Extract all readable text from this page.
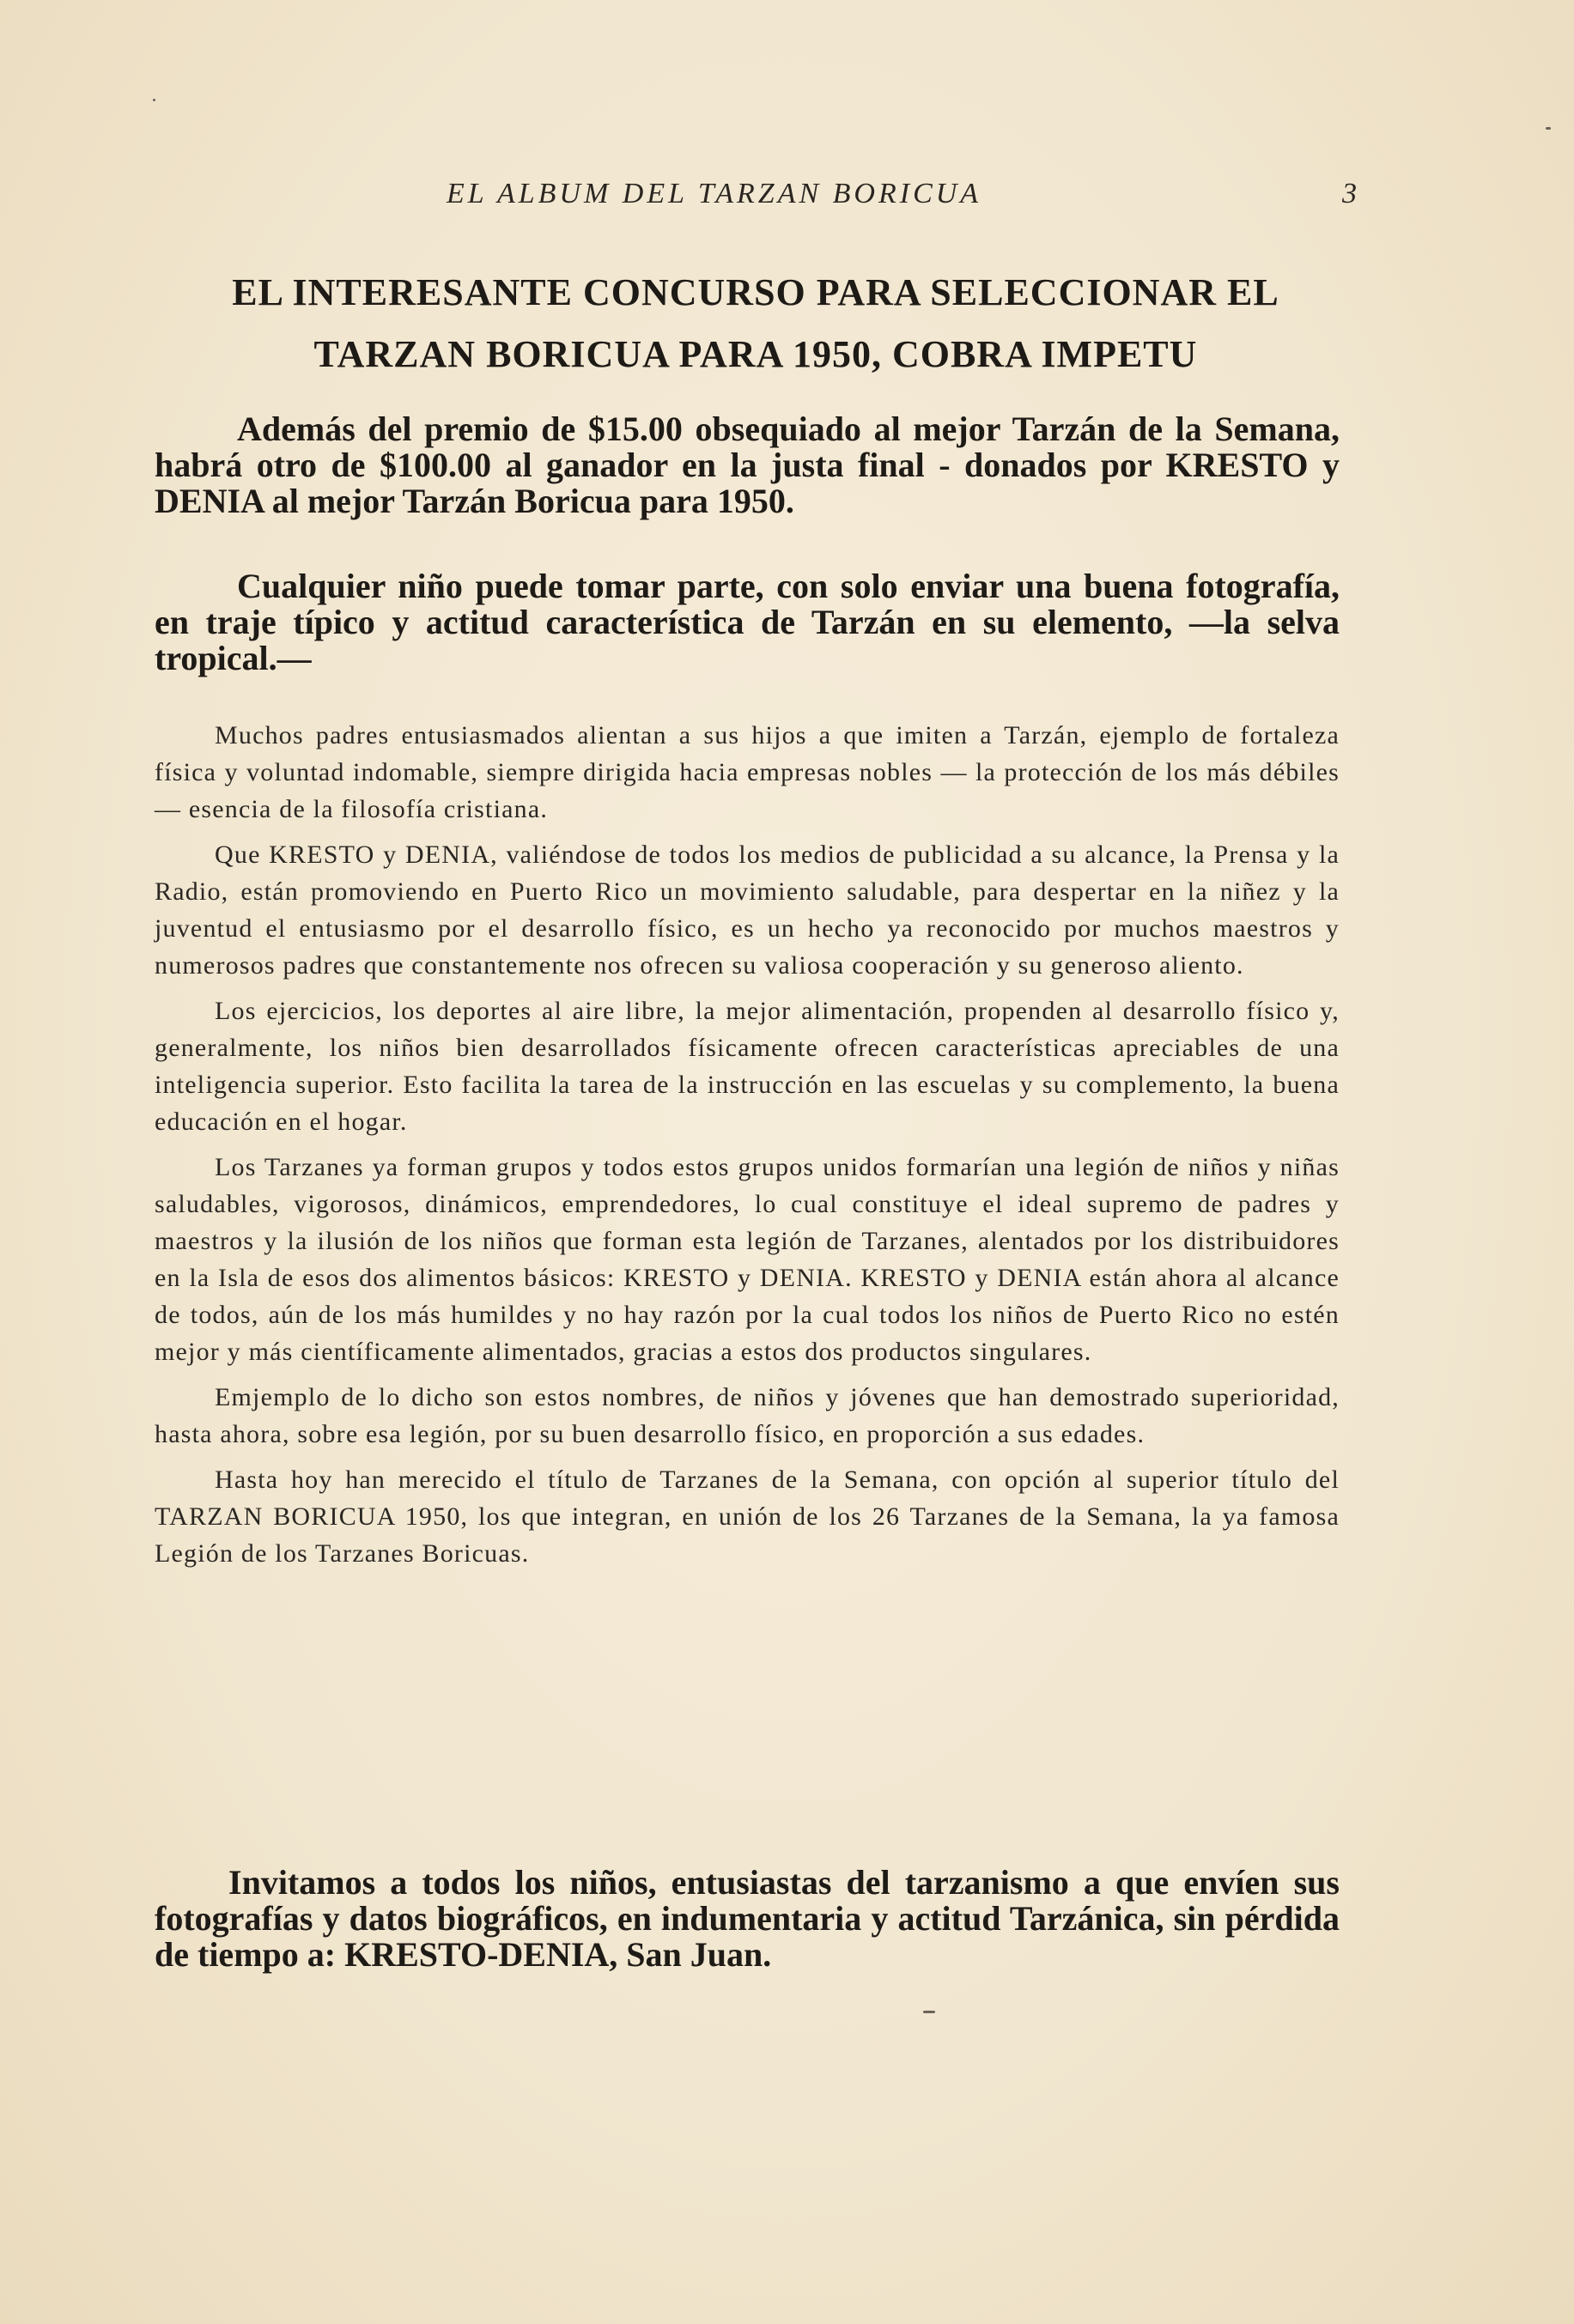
EL ALBUM DEL TARZAN BORICUA	3
EL INTERESANTE CONCURSO PARA SELECCIONAR EL
TARZAN BORICUA PARA 1950, COBRA IMPETU

Además del premio de $15.00 obsequiado al mejor Tarzán de la Semana, habrá otro de $100.00 al ganador en la justa final - donados por KRESTO y DENIA al mejor Tarzán Boricua para 1950.

Cualquier niño puede tomar parte, con solo enviar una buena fotografía, en traje típico y actitud característica de Tarzán en su elemento, —la selva tropical.—

Muchos padres entusiasmados alientan a sus hijos a que imiten a Tarzán, ejemplo de fortaleza física y voluntad indomable, siempre dirigida hacia empresas nobles — la protección de los más débiles — esencia de la filosofía cristiana.

Que KRESTO y DENIA, valiéndose de todos los medios de publicidad a su alcance, la Prensa y la Radio, están promoviendo en Puerto Rico un movimiento saludable, para despertar en la niñez y la juventud el entusiasmo por el desarrollo físico, es un hecho ya reconocido por muchos maestros y numerosos padres que constantemente nos ofrecen su valiosa cooperación y su generoso aliento.

Los ejercicios, los deportes al aire libre, la mejor alimentación, propenden al desarrollo físico y, generalmente, los niños bien desarrollados físicamente ofrecen características apreciables de una inteligencia superior. Esto facilita la tarea de la instrucción en las escuelas y su complemento, la buena educación en el hogar.

Los Tarzanes ya forman grupos y todos estos grupos unidos formarían una legión de niños y niñas saludables, vigorosos, dinámicos, emprendedores, lo cual constituye el ideal supremo de padres y maestros y la ilusión de los niños que forman esta legión de Tarzanes, alentados por los distribuidores en la Isla de esos dos alimentos básicos: KRESTO y DENIA. KRESTO y DENIA están ahora al alcance de todos, aún de los más humildes y no hay razón por la cual todos los niños de Puerto Rico no estén mejor y más científicamente alimentados, gracias a estos dos productos singulares.

Emjemplo de lo dicho son estos nombres, de niños y jóvenes que han demostrado superioridad, hasta ahora, sobre esa legión, por su buen desarrollo físico, en proporción a sus edades.

Hasta hoy han merecido el título de Tarzanes de la Semana, con opción al superior título del TARZAN BORICUA 1950, los que integran, en unión de los 26 Tarzanes de la Semana, la ya famosa Legión de los Tarzanes Boricuas.

Invitamos a todos los niños, entusiastas del tarzanismo a que envíen sus fotografías y datos biográficos, en indumentaria y actitud Tarzánica, sin pérdida de tiempo a: KRESTO-DENIA, San Juan.
